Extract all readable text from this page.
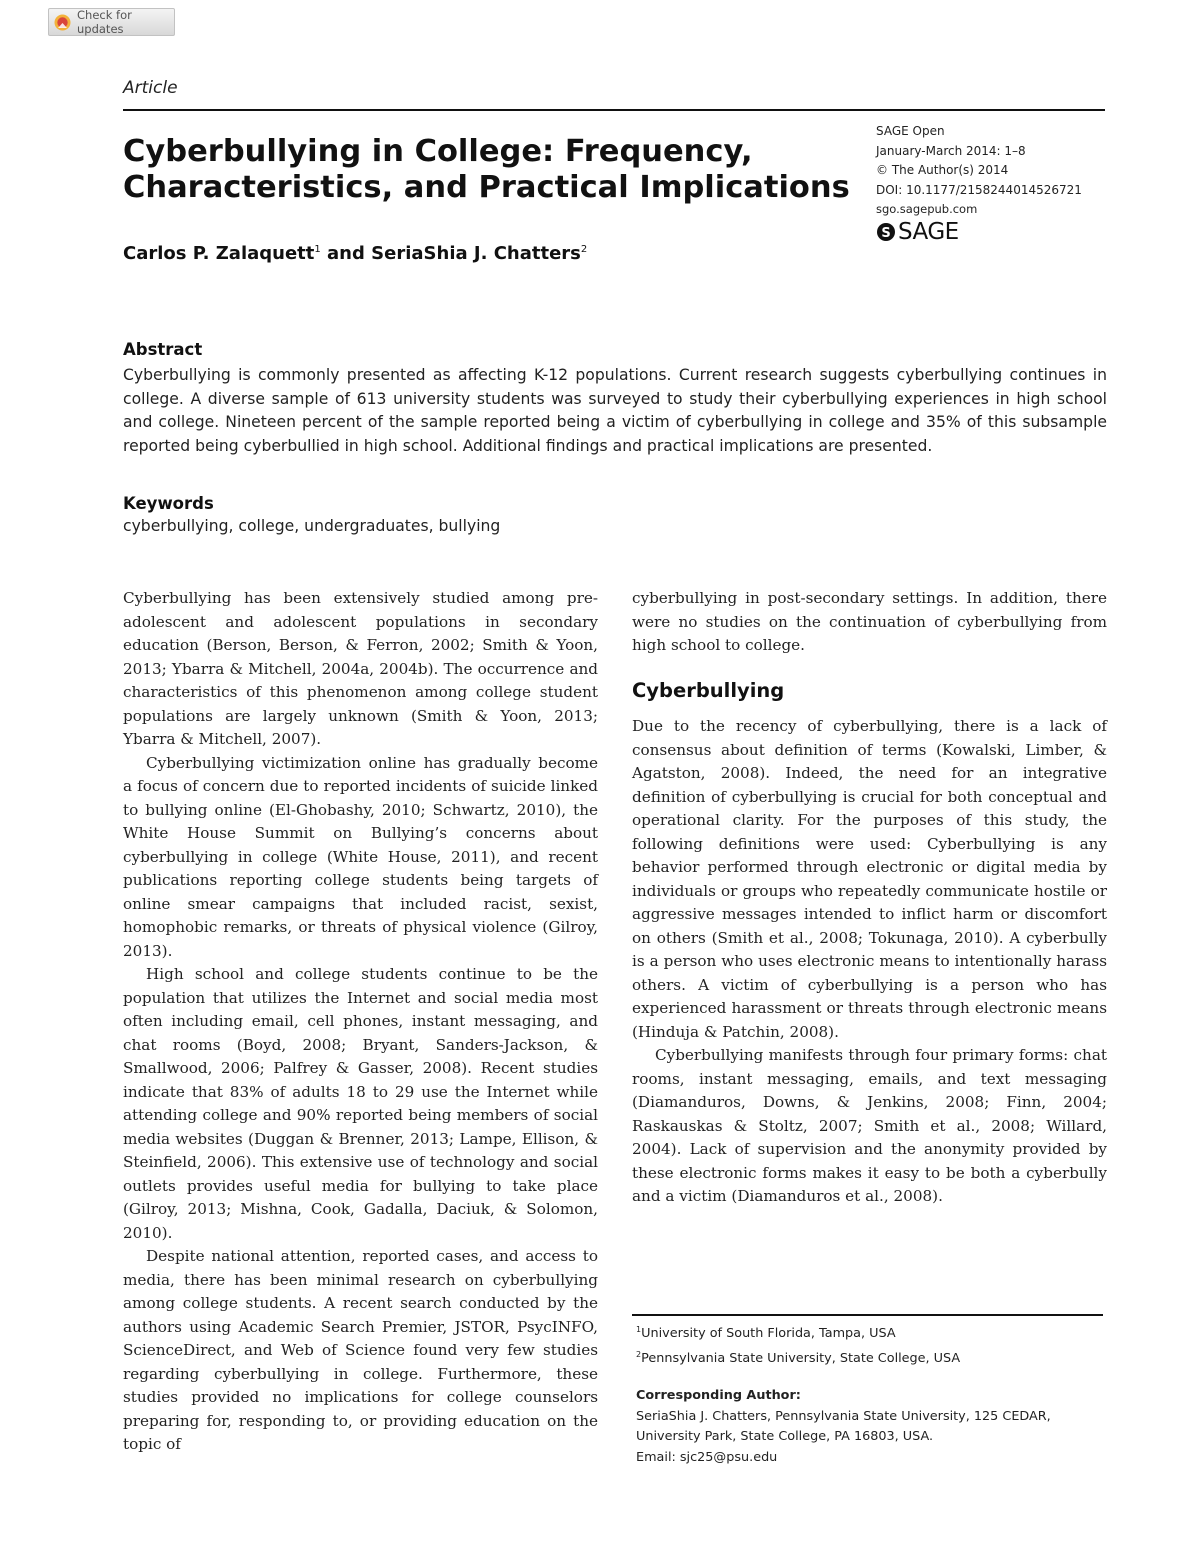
Check for updates
Article
Cyberbullying in College: Frequency, Characteristics, and Practical Implications
Carlos P. Zalaquett$^1$ and SeriaShia J. Chatters$^2$
SAGE Open
January-March 2014: 1–8
© The Author(s) 2014
DOI: 10.1177/2158244014526721
sgo.sagepub.com
S SAGE
Abstract

Cyberbullying is commonly presented as affecting K-12 populations. Current research suggests cyberbullying continues in college. A diverse sample of 613 university students was surveyed to study their cyberbullying experiences in high school and college. Nineteen percent of the sample reported being a victim of cyberbullying in college and 35% of this subsample reported being cyberbullied in high school. Additional findings and practical implications are presented.

Keywords
cyberbullying, college, undergraduates, bullying

Cyberbullying has been extensively studied among pre-adolescent and adolescent populations in secondary education (Berson, Berson, & Ferron, 2002; Smith & Yoon, 2013; Ybarra & Mitchell, 2004a, 2004b). The occurrence and characteristics of this phenomenon among college student populations are largely unknown (Smith & Yoon, 2013; Ybarra & Mitchell, 2007).

Cyberbullying victimization online has gradually become a focus of concern due to reported incidents of suicide linked to bullying online (El-Ghobashy, 2010; Schwartz, 2010), the White House Summit on Bullying’s concerns about cyberbullying in college (White House, 2011), and recent publications reporting college students being targets of online smear campaigns that included racist, sexist, homophobic remarks, or threats of physical violence (Gilroy, 2013).

High school and college students continue to be the population that utilizes the Internet and social media most often including email, cell phones, instant messaging, and chat rooms (Boyd, 2008; Bryant, Sanders-Jackson, & Smallwood, 2006; Palfrey & Gasser, 2008). Recent studies indicate that 83% of adults 18 to 29 use the Internet while attending college and 90% reported being members of social media websites (Duggan & Brenner, 2013; Lampe, Ellison, & Steinfield, 2006). This extensive use of technology and social outlets provides useful media for bullying to take place (Gilroy, 2013; Mishna, Cook, Gadalla, Daciuk, & Solomon, 2010).

Despite national attention, reported cases, and access to media, there has been minimal research on cyberbullying among college students. A recent search conducted by the authors using Academic Search Premier, JSTOR, PsycINFO, ScienceDirect, and Web of Science found very few studies regarding cyberbullying in college. Furthermore, these studies provided no implications for college counselors preparing for, responding to, or providing education on the topic of

cyberbullying in post-secondary settings. In addition, there were no studies on the continuation of cyberbullying from high school to college.

Cyberbullying

Due to the recency of cyberbullying, there is a lack of consensus about definition of terms (Kowalski, Limber, & Agatston, 2008). Indeed, the need for an integrative definition of cyberbullying is crucial for both conceptual and operational clarity. For the purposes of this study, the following definitions were used: Cyberbullying is any behavior performed through electronic or digital media by individuals or groups who repeatedly communicate hostile or aggressive messages intended to inflict harm or discomfort on others (Smith et al., 2008; Tokunaga, 2010). A cyberbully is a person who uses electronic means to intentionally harass others. A victim of cyberbullying is a person who has experienced harassment or threats through electronic means (Hinduja & Patchin, 2008).

Cyberbullying manifests through four primary forms: chat rooms, instant messaging, emails, and text messaging (Diamanduros, Downs, & Jenkins, 2008; Finn, 2004; Raskauskas & Stoltz, 2007; Smith et al., 2008; Willard, 2004). Lack of supervision and the anonymity provided by these electronic forms makes it easy to be both a cyberbully and a victim (Diamanduros et al., 2008).

$^1$University of South Florida, Tampa, USA
$^2$Pennsylvania State University, State College, USA
Corresponding Author:
SeriaShia J. Chatters, Pennsylvania State University, 125 CEDAR,
University Park, State College, PA 16803, USA.
Email: sjc25@psu.edu
